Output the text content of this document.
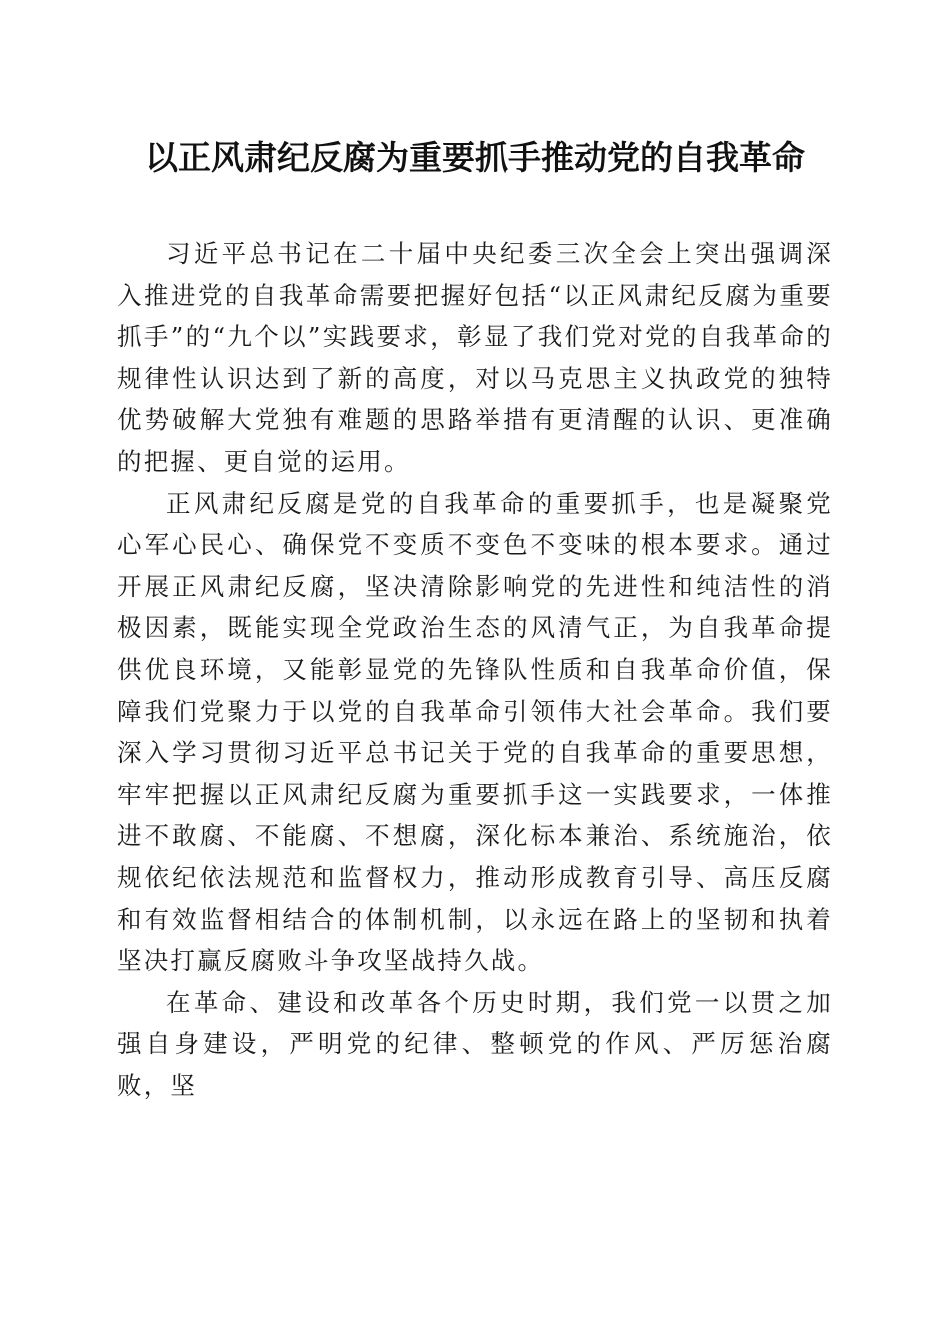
以正风肃纪反腐为重要抓手推动党的自我革命

习近平总书记在二十届中央纪委三次全会上突出强调深入推进党的自我革命需要把握好包括“以正风肃纪反腐为重要抓手”的“九个以”实践要求，彰显了我们党对党的自我革命的规律性认识达到了新的高度，对以马克思主义执政党的独特优势破解大党独有难题的思路举措有更清醒的认识、更准确的把握、更自觉的运用。

正风肃纪反腐是党的自我革命的重要抓手，也是凝聚党心军心民心、确保党不变质不变色不变味的根本要求。通过开展正风肃纪反腐，坚决清除影响党的先进性和纯洁性的消极因素，既能实现全党政治生态的风清气正，为自我革命提供优良环境，又能彰显党的先锋队性质和自我革命价值，保障我们党聚力于以党的自我革命引领伟大社会革命。我们要深入学习贯彻习近平总书记关于党的自我革命的重要思想，牢牢把握以正风肃纪反腐为重要抓手这一实践要求，一体推进不敢腐、不能腐、不想腐，深化标本兼治、系统施治，依规依纪依法规范和监督权力，推动形成教育引导、高压反腐和有效监督相结合的体制机制，以永远在路上的坚韧和执着坚决打赢反腐败斗争攻坚战持久战。

在革命、建设和改革各个历史时期，我们党一以贯之加强自身建设，严明党的纪律、整顿党的作风、严厉惩治腐败，坚
